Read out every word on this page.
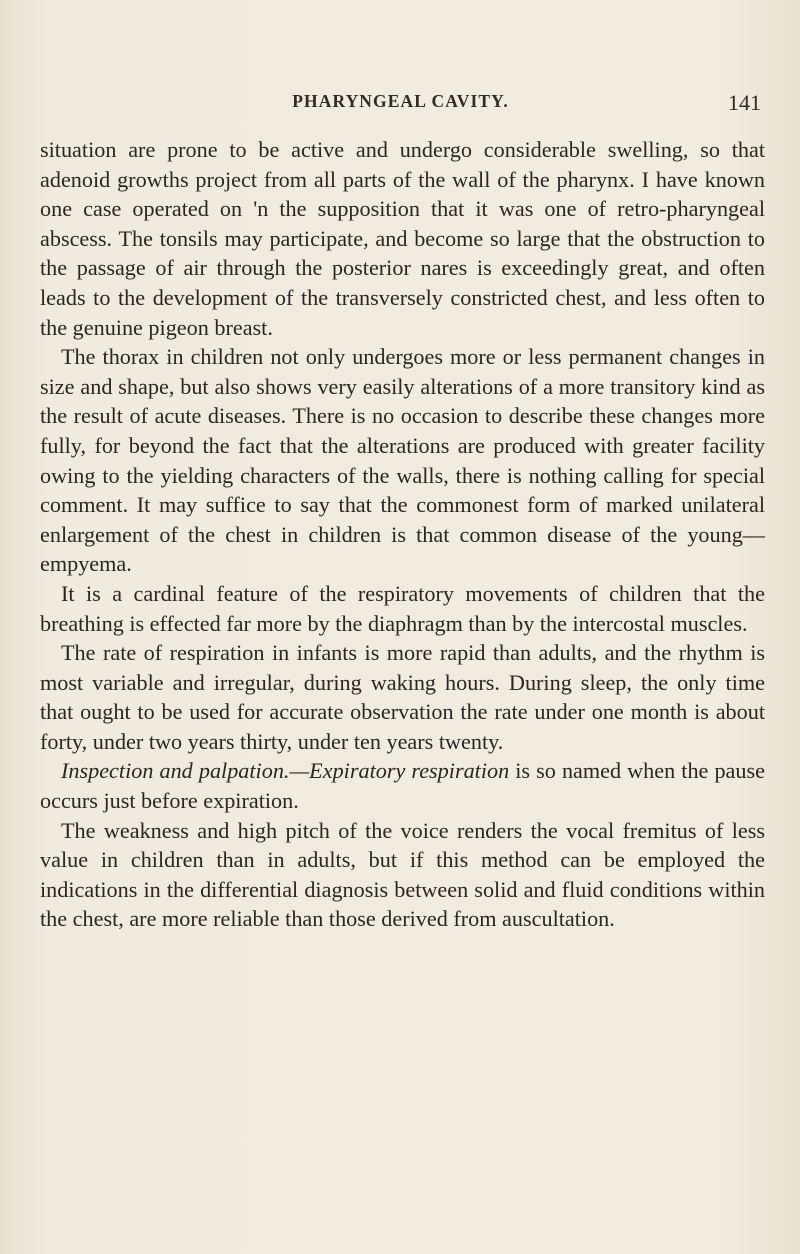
PHARYNGEAL CAVITY.	141

situation are prone to be active and undergo considerable swelling, so that adenoid growths project from all parts of the wall of the pharynx. I have known one case operated on 'n the supposition that it was one of retro-pharyngeal abscess. The tonsils may participate, and become so large that the obstruction to the passage of air through the posterior nares is exceedingly great, and often leads to the development of the transversely constricted chest, and less often to the genuine pigeon breast.

The thorax in children not only undergoes more or less permanent changes in size and shape, but also shows very easily alterations of a more transitory kind as the result of acute diseases. There is no occasion to describe these changes more fully, for beyond the fact that the alterations are produced with greater facility owing to the yielding characters of the walls, there is nothing calling for special comment. It may suffice to say that the commonest form of marked unilateral enlargement of the chest in children is that common disease of the young—empyema.

It is a cardinal feature of the respiratory movements of children that the breathing is effected far more by the diaphragm than by the intercostal muscles.

The rate of respiration in infants is more rapid than adults, and the rhythm is most variable and irregular, during waking hours. During sleep, the only time that ought to be used for accurate observation the rate under one month is about forty, under two years thirty, under ten years twenty.

Inspection and palpation.—Expiratory respiration is so named when the pause occurs just before expiration.

The weakness and high pitch of the voice renders the vocal fremitus of less value in children than in adults, but if this method can be employed the indications in the differential diagnosis between solid and fluid conditions within the chest, are more reliable than those derived from auscultation.
